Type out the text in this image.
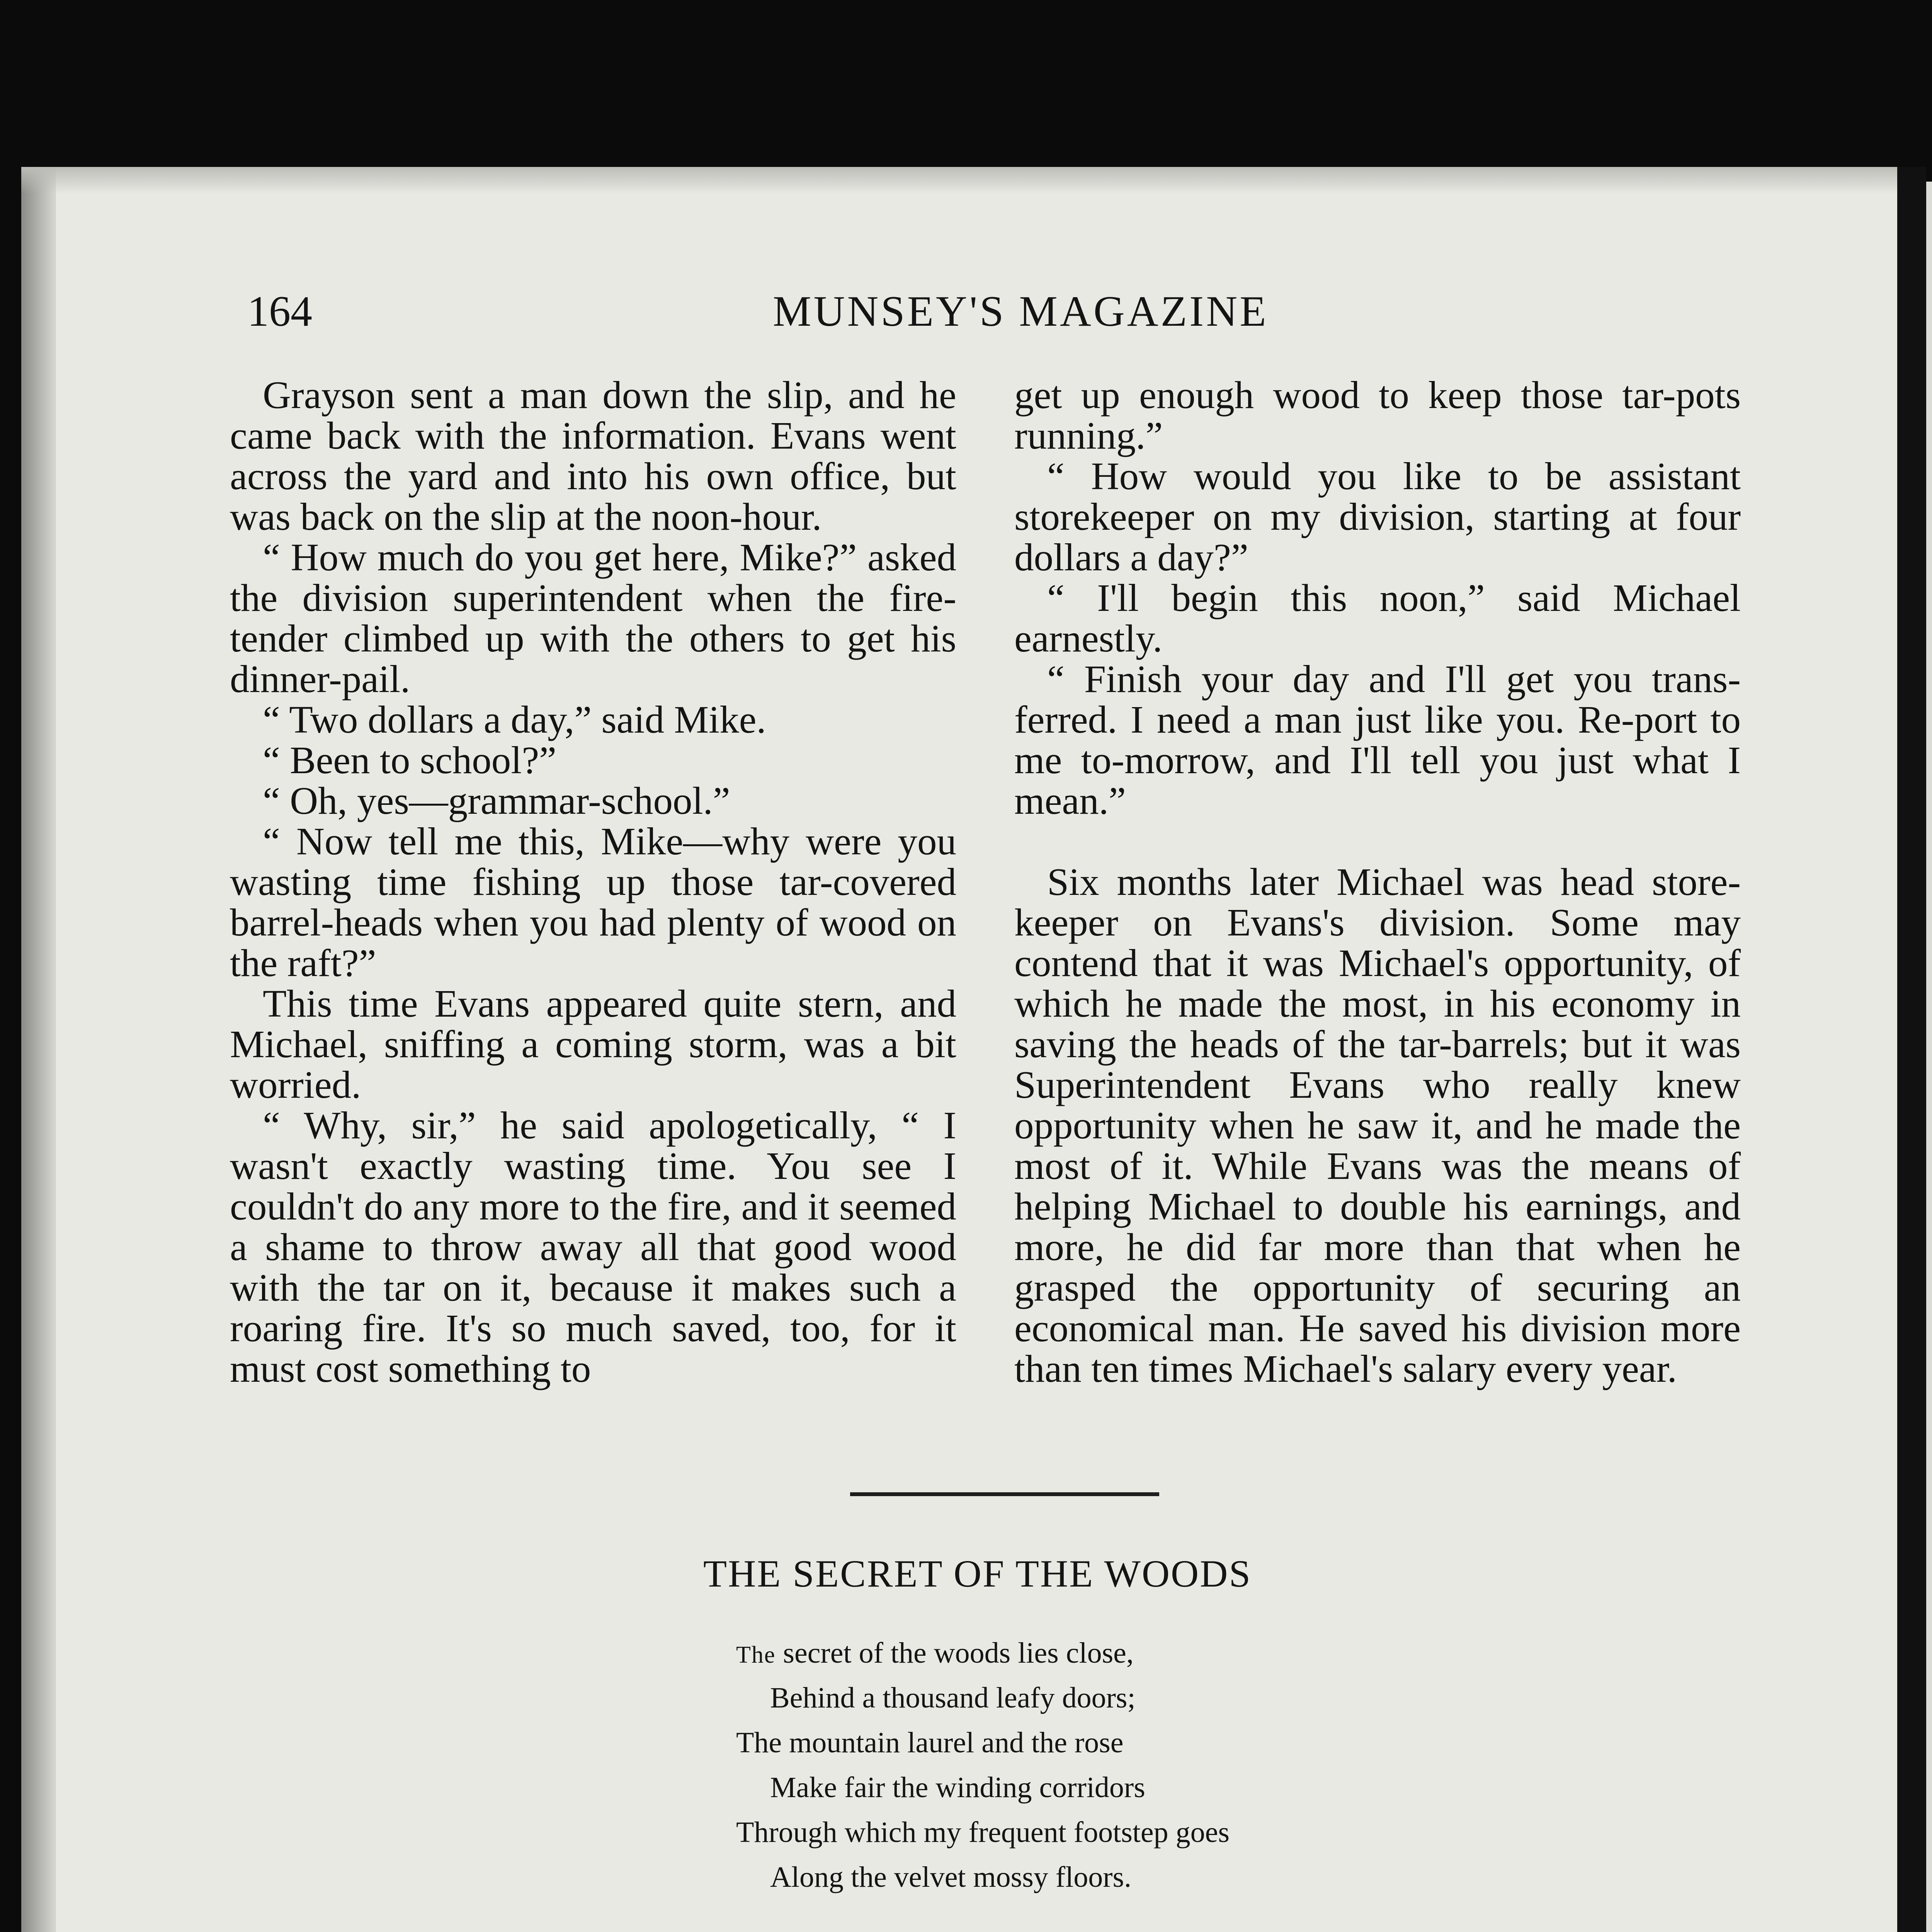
164	MUNSEY'S MAGAZINE

Grayson sent a man down the slip, and he came back with the information. Evans went across the yard and into his own office, but was back on the slip at the noon-hour.

“ How much do you get here, Mike?” asked the division superintendent when the fire-tender climbed up with the others to get his dinner-pail.

“ Two dollars a day,” said Mike.

“ Been to school?”

“ Oh, yes—grammar-school.”

“ Now tell me this, Mike—why were you wasting time fishing up those tar-covered barrel-heads when you had plenty of wood on the raft?”

This time Evans appeared quite stern, and Michael, sniffing a coming storm, was a bit worried.

“ Why, sir,” he said apologetically, “ I wasn't exactly wasting time. You see I couldn't do any more to the fire, and it seemed a shame to throw away all that good wood with the tar on it, because it makes such a roaring fire. It's so much saved, too, for it must cost something to

get up enough wood to keep those tar-pots running.”

“ How would you like to be assistant storekeeper on my division, starting at four dollars a day?”

“ I'll begin this noon,” said Michael earnestly.

“ Finish your day and I'll get you trans-ferred. I need a man just like you. Re-port to me to-morrow, and I'll tell you just what I mean.”

Six months later Michael was head store-keeper on Evans's division. Some may contend that it was Michael's opportunity, of which he made the most, in his economy in saving the heads of the tar-barrels; but it was Superintendent Evans who really knew opportunity when he saw it, and he made the most of it. While Evans was the means of helping Michael to double his earnings, and more, he did far more than that when he grasped the opportunity of securing an economical man. He saved his division more than ten times Michael's salary every year.

THE SECRET OF THE WOODS
The secret of the woods lies close,
Behind a thousand leafy doors;
The mountain laurel and the rose
Make fair the winding corridors
Through which my frequent footstep goes
Along the velvet mossy floors.
